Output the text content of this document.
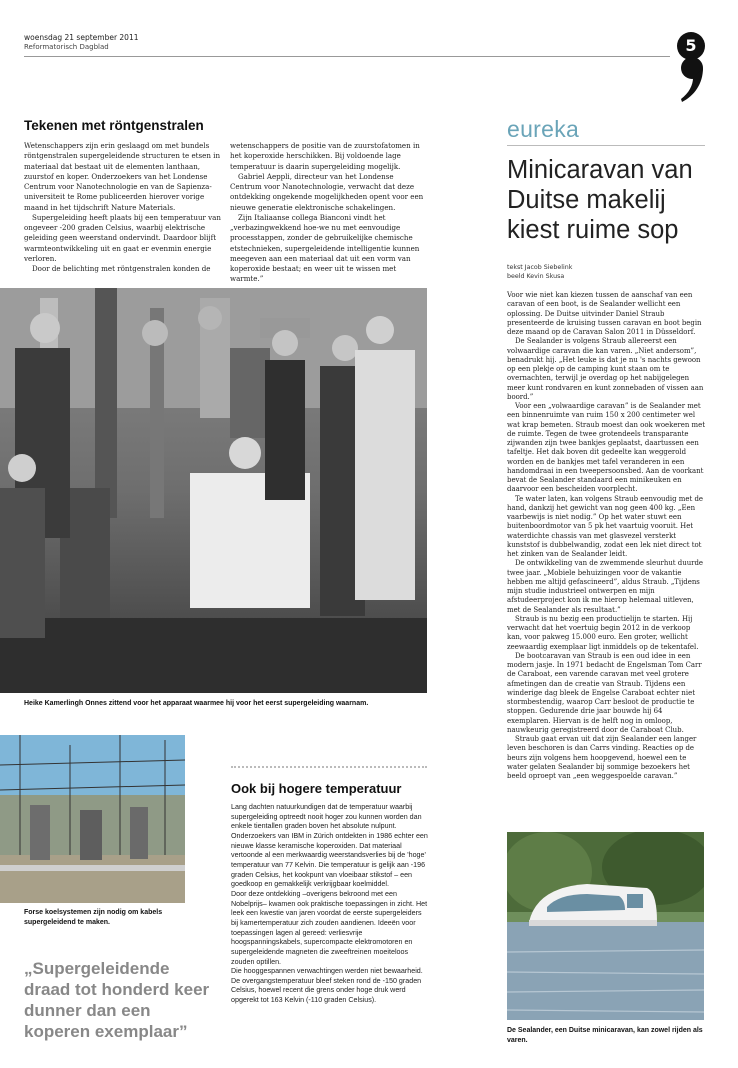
woensdag 21 september 2011
Reformatorisch Dagblad	5
Tekenen met röntgenstralen

Wetenschappers zijn erin geslaagd om met bundels röntgenstralen supergeleidende structuren te etsen in materiaal dat bestaat uit de elementen lanthaan, zuurstof en koper. Onderzoekers van het Londense Centrum voor Nanotechnologie en van de Sapienza-universiteit te Rome publiceerden hierover vorige maand in het tijdschrift Nature Materials.

Supergeleiding heeft plaats bij een temperatuur van ongeveer -200 graden Celsius, waarbij elektrische geleiding geen weerstand ondervindt. Daardoor blijft warmteontwikkeling uit en gaat er evenmin energie verloren.

Door de belichting met röntgenstralen konden de

wetenschappers de positie van de zuurstofatomen in het koperoxide herschikken. Bij voldoende lage temperatuur is daarin supergeleiding mogelijk.

Gabriel Aeppli, directeur van het Londense Centrum voor Nanotechnologie, verwacht dat deze ontdekking ongekende mogelijkheden opent voor een nieuwe generatie elektronische schakelingen.

Zijn Italiaanse collega Bianconi vindt het „verbazingwekkend hoe-we nu met eenvoudige processtappen, zonder de gebruikelijke chemische etstechnieken, supergeleidende intelligentie kunnen meegeven aan een materiaal dat uit een vorm van koperoxide bestaat; en weer uit te wissen met warmte.”

Heike Kamerlingh Onnes zittend voor het apparaat waarmee hij voor het eerst supergeleiding waarnam.
Forse koelsystemen zijn nodig om kabels supergeleidend te maken.
„Supergeleidende draad tot honderd keer dunner dan een koperen exemplaar”
Ook bij hogere temperatuur

Lang dachten natuurkundigen dat de temperatuur waarbij supergeleiding optreedt nooit hoger zou kunnen worden dan enkele tientallen graden boven het absolute nulpunt.

Onderzoekers van IBM in Zürich ontdekten in 1986 echter een nieuwe klasse keramische koperoxiden. Dat materiaal vertoonde al een merkwaardig weerstandsverlies bij de 'hoge' temperatuur van 77 Kelvin. Die temperatuur is gelijk aan -196 graden Celsius, het kookpunt van vloeibaar stikstof – een goedkoop en gemakkelijk verkrijgbaar koelmiddel.

Door deze ontdekking –overigens bekroond met een Nobelprijs– kwamen ook praktische toepassingen in zicht. Het leek een kwestie van jaren voordat de eerste supergeleiders bij kamertemperatuur zich zouden aandienen. Ideeën voor toepassingen lagen al gereed: verliesvrije hoogspanningskabels, supercompacte elektromotoren en supergeleidende magneten die zweeftreinen moeiteloos zouden optillen.

Die hooggespannen verwachtingen werden niet bewaarheid. De overgangstemperatuur bleef steken rond de -150 graden Celsius, hoewel recent die grens onder hoge druk werd opgerekt tot 163 Kelvin (-110 graden Celsius).

eureka
Minicaravan van Duitse makelij kiest ruime sop
tekst Jacob Siebelink
beeld Kevin Skusa

Voor wie niet kan kiezen tussen de aanschaf van een caravan of een boot, is de Sealander wellicht een oplossing. De Duitse uitvinder Daniel Straub presenteerde de kruising tussen caravan en boot begin deze maand op de Caravan Salon 2011 in Düsseldorf.

De Sealander is volgens Straub allereerst een volwaardige caravan die kan varen. „Niet andersom”, benadrukt hij. „Het leuke is dat je nu 's nachts gewoon op een plekje op de camping kunt staan om te overnachten, terwijl je overdag op het nabijgelegen meer kunt rondvaren en kunt zonnebaden of vissen aan boord.”

Voor een „volwaardige caravan” is de Sealander met een binnenruimte van ruim 150 x 200 centimeter wel wat krap bemeten. Straub moest dan ook woekeren met de ruimte. Tegen de twee grotendeels transparante zijwanden zijn twee bankjes geplaatst, daartussen een tafeltje. Het dak boven dit gedeelte kan weggerold worden en de bankjes met tafel veranderen in een handomdraai in een tweepersoonsbed. Aan de voorkant bevat de Sealander standaard een minikeuken en daarvoor een bescheiden voorplecht.

Te water laten, kan volgens Straub eenvoudig met de hand, dankzij het gewicht van nog geen 400 kg. „Een vaarbewijs is niet nodig.” Op het water stuwt een buitenboordmotor van 5 pk het vaartuig vooruit. Het waterdichte chassis van met glasvezel versterkt kunststof is dubbelwandig, zodat een lek niet direct tot het zinken van de Sealander leidt.

De ontwikkeling van de zwemmende sleurhut duurde twee jaar. „Mobiele behuizingen voor de vakantie hebben me altijd gefascineerd”, aldus Straub. „Tijdens mijn studie industrieel ontwerpen en mijn afstudeerproject kon ik me hierop helemaal uitleven, met de Sealander als resultaat.”

Straub is nu bezig een productielijn te starten. Hij verwacht dat het voertuig begin 2012 in de verkoop kan, voor pakweg 15.000 euro. Een groter, wellicht zeewaardig exemplaar ligt inmiddels op de tekentafel.

De bootcaravan van Straub is een oud idee in een modern jasje. In 1971 bedacht de Engelsman Tom Carr de Caraboat, een varende caravan met veel grotere afmetingen dan de creatie van Straub. Tijdens een winderige dag bleek de Engelse Caraboat echter niet stormbestendig, waarop Carr besloot de productie te stoppen. Gedurende drie jaar bouwde hij 64 exemplaren. Hiervan is de helft nog in omloop, nauwkeurig geregistreerd door de Caraboat Club.

Straub gaat ervan uit dat zijn Sealander een langer leven beschoren is dan Carrs vinding. Reacties op de beurs zijn volgens hem hoopgevend, hoewel een te water gelaten Sealander bij sommige bezoekers het beeld oproept van „een weggespoelde caravan.”

De Sealander, een Duitse minicaravan, kan zowel rijden als varen.
